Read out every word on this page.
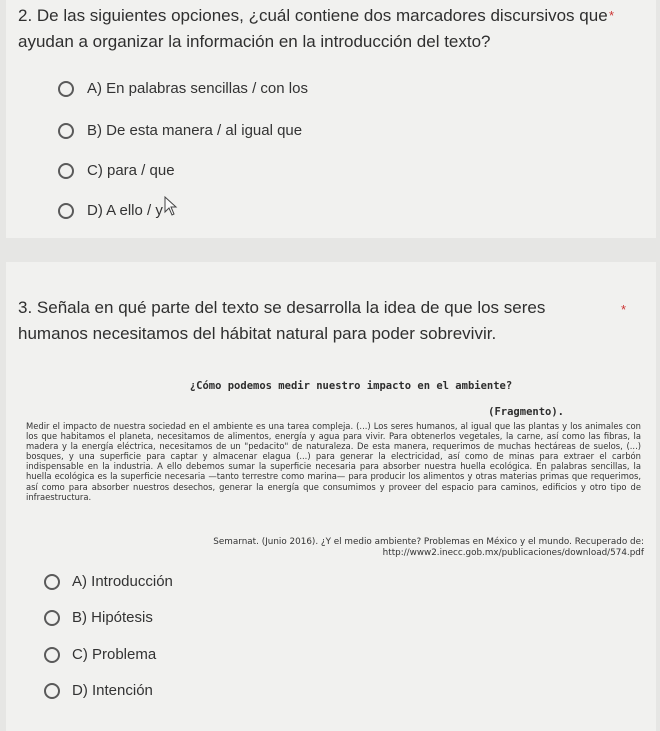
2. De las siguientes opciones, ¿cuál contiene dos marcadores discursivos que ayudan a organizar la información en la introducción del texto?
*
A) En palabras sencillas / con los
B) De esta manera / al igual que
C) para / que
D) A ello / y
3. Señala en qué parte del texto se desarrolla la idea de que los seres humanos necesitamos del hábitat natural para poder sobrevivir.
*
¿Cómo podemos medir nuestro impacto en el ambiente?
(Fragmento).
Medir el impacto de nuestra sociedad en el ambiente es una tarea compleja. (...) Los seres humanos, al igual que las plantas y los animales con los que habitamos el planeta, necesitamos de alimentos, energía y agua para vivir. Para obtenerlos vegetales, la carne, así como las fibras, la madera y la energía eléctrica, necesitamos de un "pedacito" de naturaleza. De esta manera, requerimos de muchas hectáreas de suelos, (...) bosques, y una superficie para captar y almacenar elagua (...) para generar la electricidad, así como de minas para extraer el carbón indispensable en la industria. A ello debemos sumar la superficie necesaria para absorber nuestra huella ecológica. En palabras sencillas, la huella ecológica es la superficie necesaria —tanto terrestre como marina— para producir los alimentos y otras materias primas que requerimos, así como para absorber nuestros desechos, generar la energía que consumimos y proveer del espacio para caminos, edificios y otro tipo de infraestructura.
Semarnat. (Junio 2016). ¿Y el medio ambiente? Problemas en México y el mundo. Recuperado de:
http://www2.inecc.gob.mx/publicaciones/download/574.pdf
A) Introducción
B) Hipótesis
C) Problema
D) Intención
